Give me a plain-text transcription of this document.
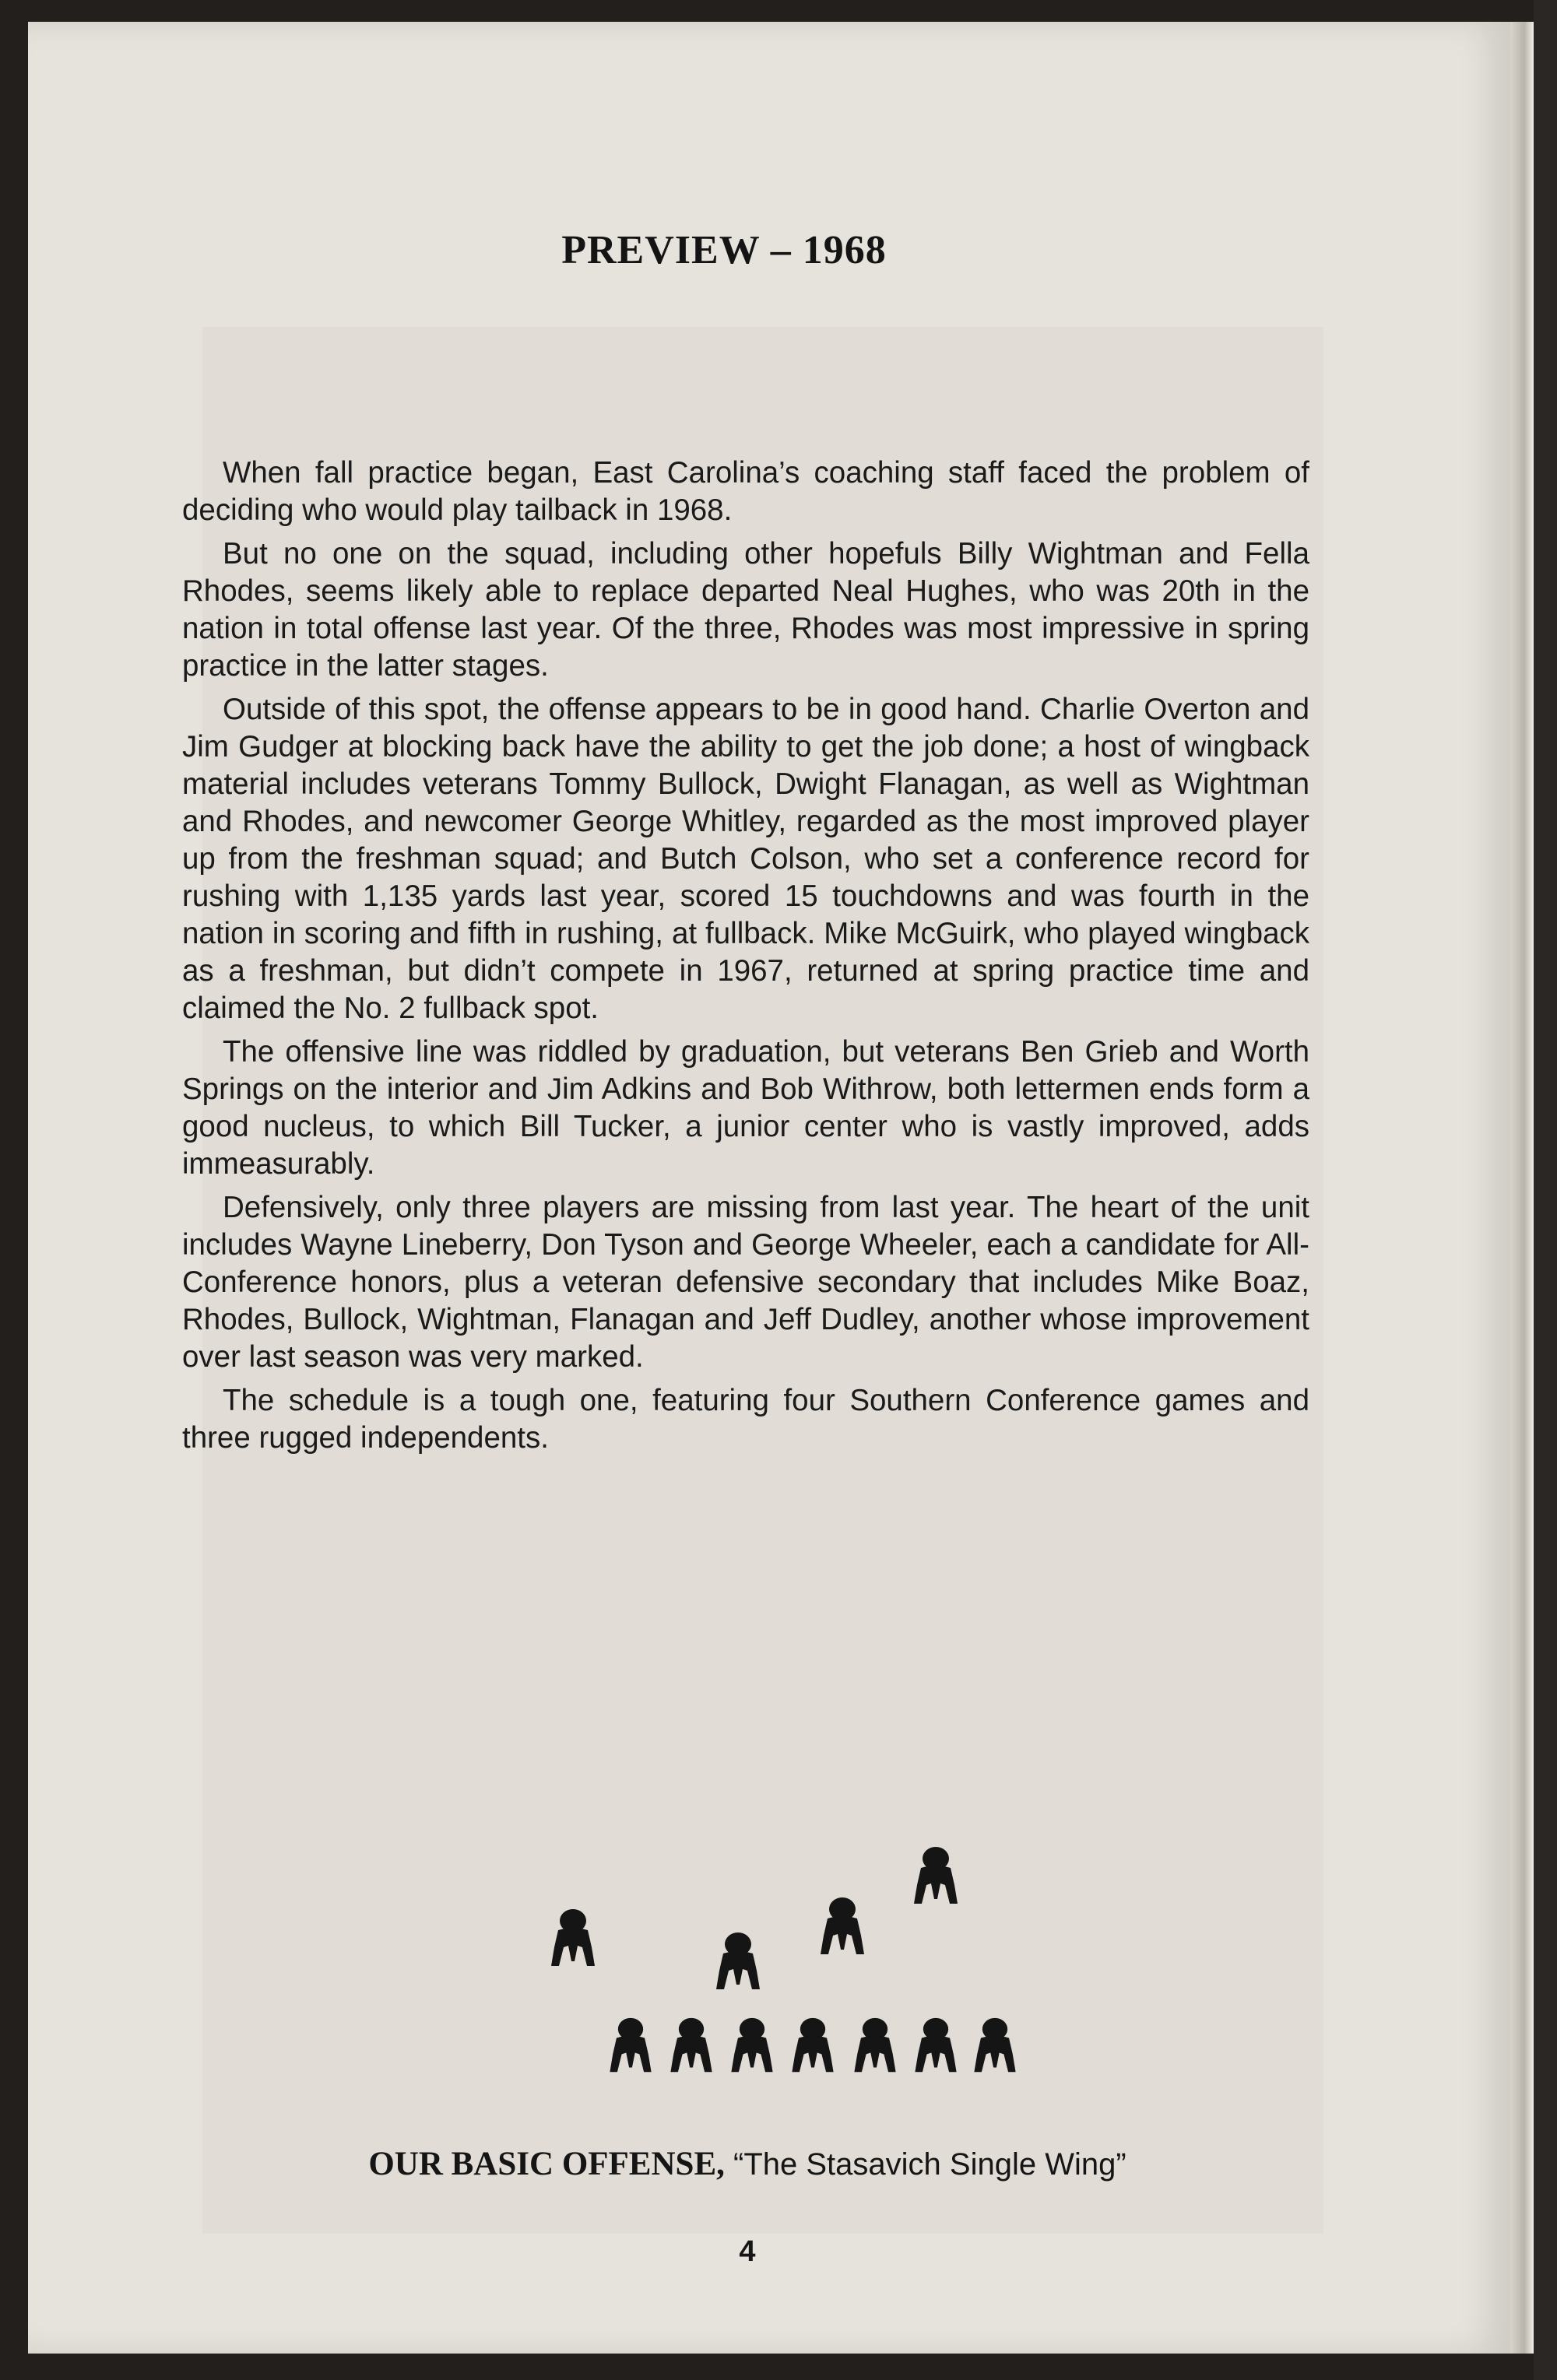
PREVIEW – 1968

When fall practice began, East Carolina’s coaching staff faced the problem of deciding who would play tailback in 1968.

But no one on the squad, including other hopefuls Billy Wightman and Fella Rhodes, seems likely able to replace departed Neal Hughes, who was 20th in the nation in total offense last year. Of the three, Rhodes was most impressive in spring practice in the latter stages.

Outside of this spot, the offense appears to be in good hand. Charlie Overton and Jim Gudger at blocking back have the ability to get the job done; a host of wingback material includes veterans Tommy Bullock, Dwight Flanagan, as well as Wightman and Rhodes, and newcomer George Whitley, regarded as the most improved player up from the freshman squad; and Butch Colson, who set a conference record for rushing with 1,135 yards last year, scored 15 touchdowns and was fourth in the nation in scoring and fifth in rushing, at fullback. Mike McGuirk, who played wingback as a freshman, but didn’t compete in 1967, returned at spring practice time and claimed the No. 2 fullback spot.

The offensive line was riddled by graduation, but veterans Ben Grieb and Worth Springs on the interior and Jim Adkins and Bob Withrow, both lettermen ends form a good nucleus, to which Bill Tucker, a junior center who is vastly improved, adds immeasurably.

Defensively, only three players are missing from last year. The heart of the unit includes Wayne Lineberry, Don Tyson and George Wheeler, each a candidate for All-Conference honors, plus a veteran defensive secondary that includes Mike Boaz, Rhodes, Bullock, Wightman, Flanagan and Jeff Dudley, another whose improvement over last season was very marked.

The schedule is a tough one, featuring four Southern Conference games and three rugged independents.

OUR BASIC OFFENSE, “The Stasavich Single Wing”
4
